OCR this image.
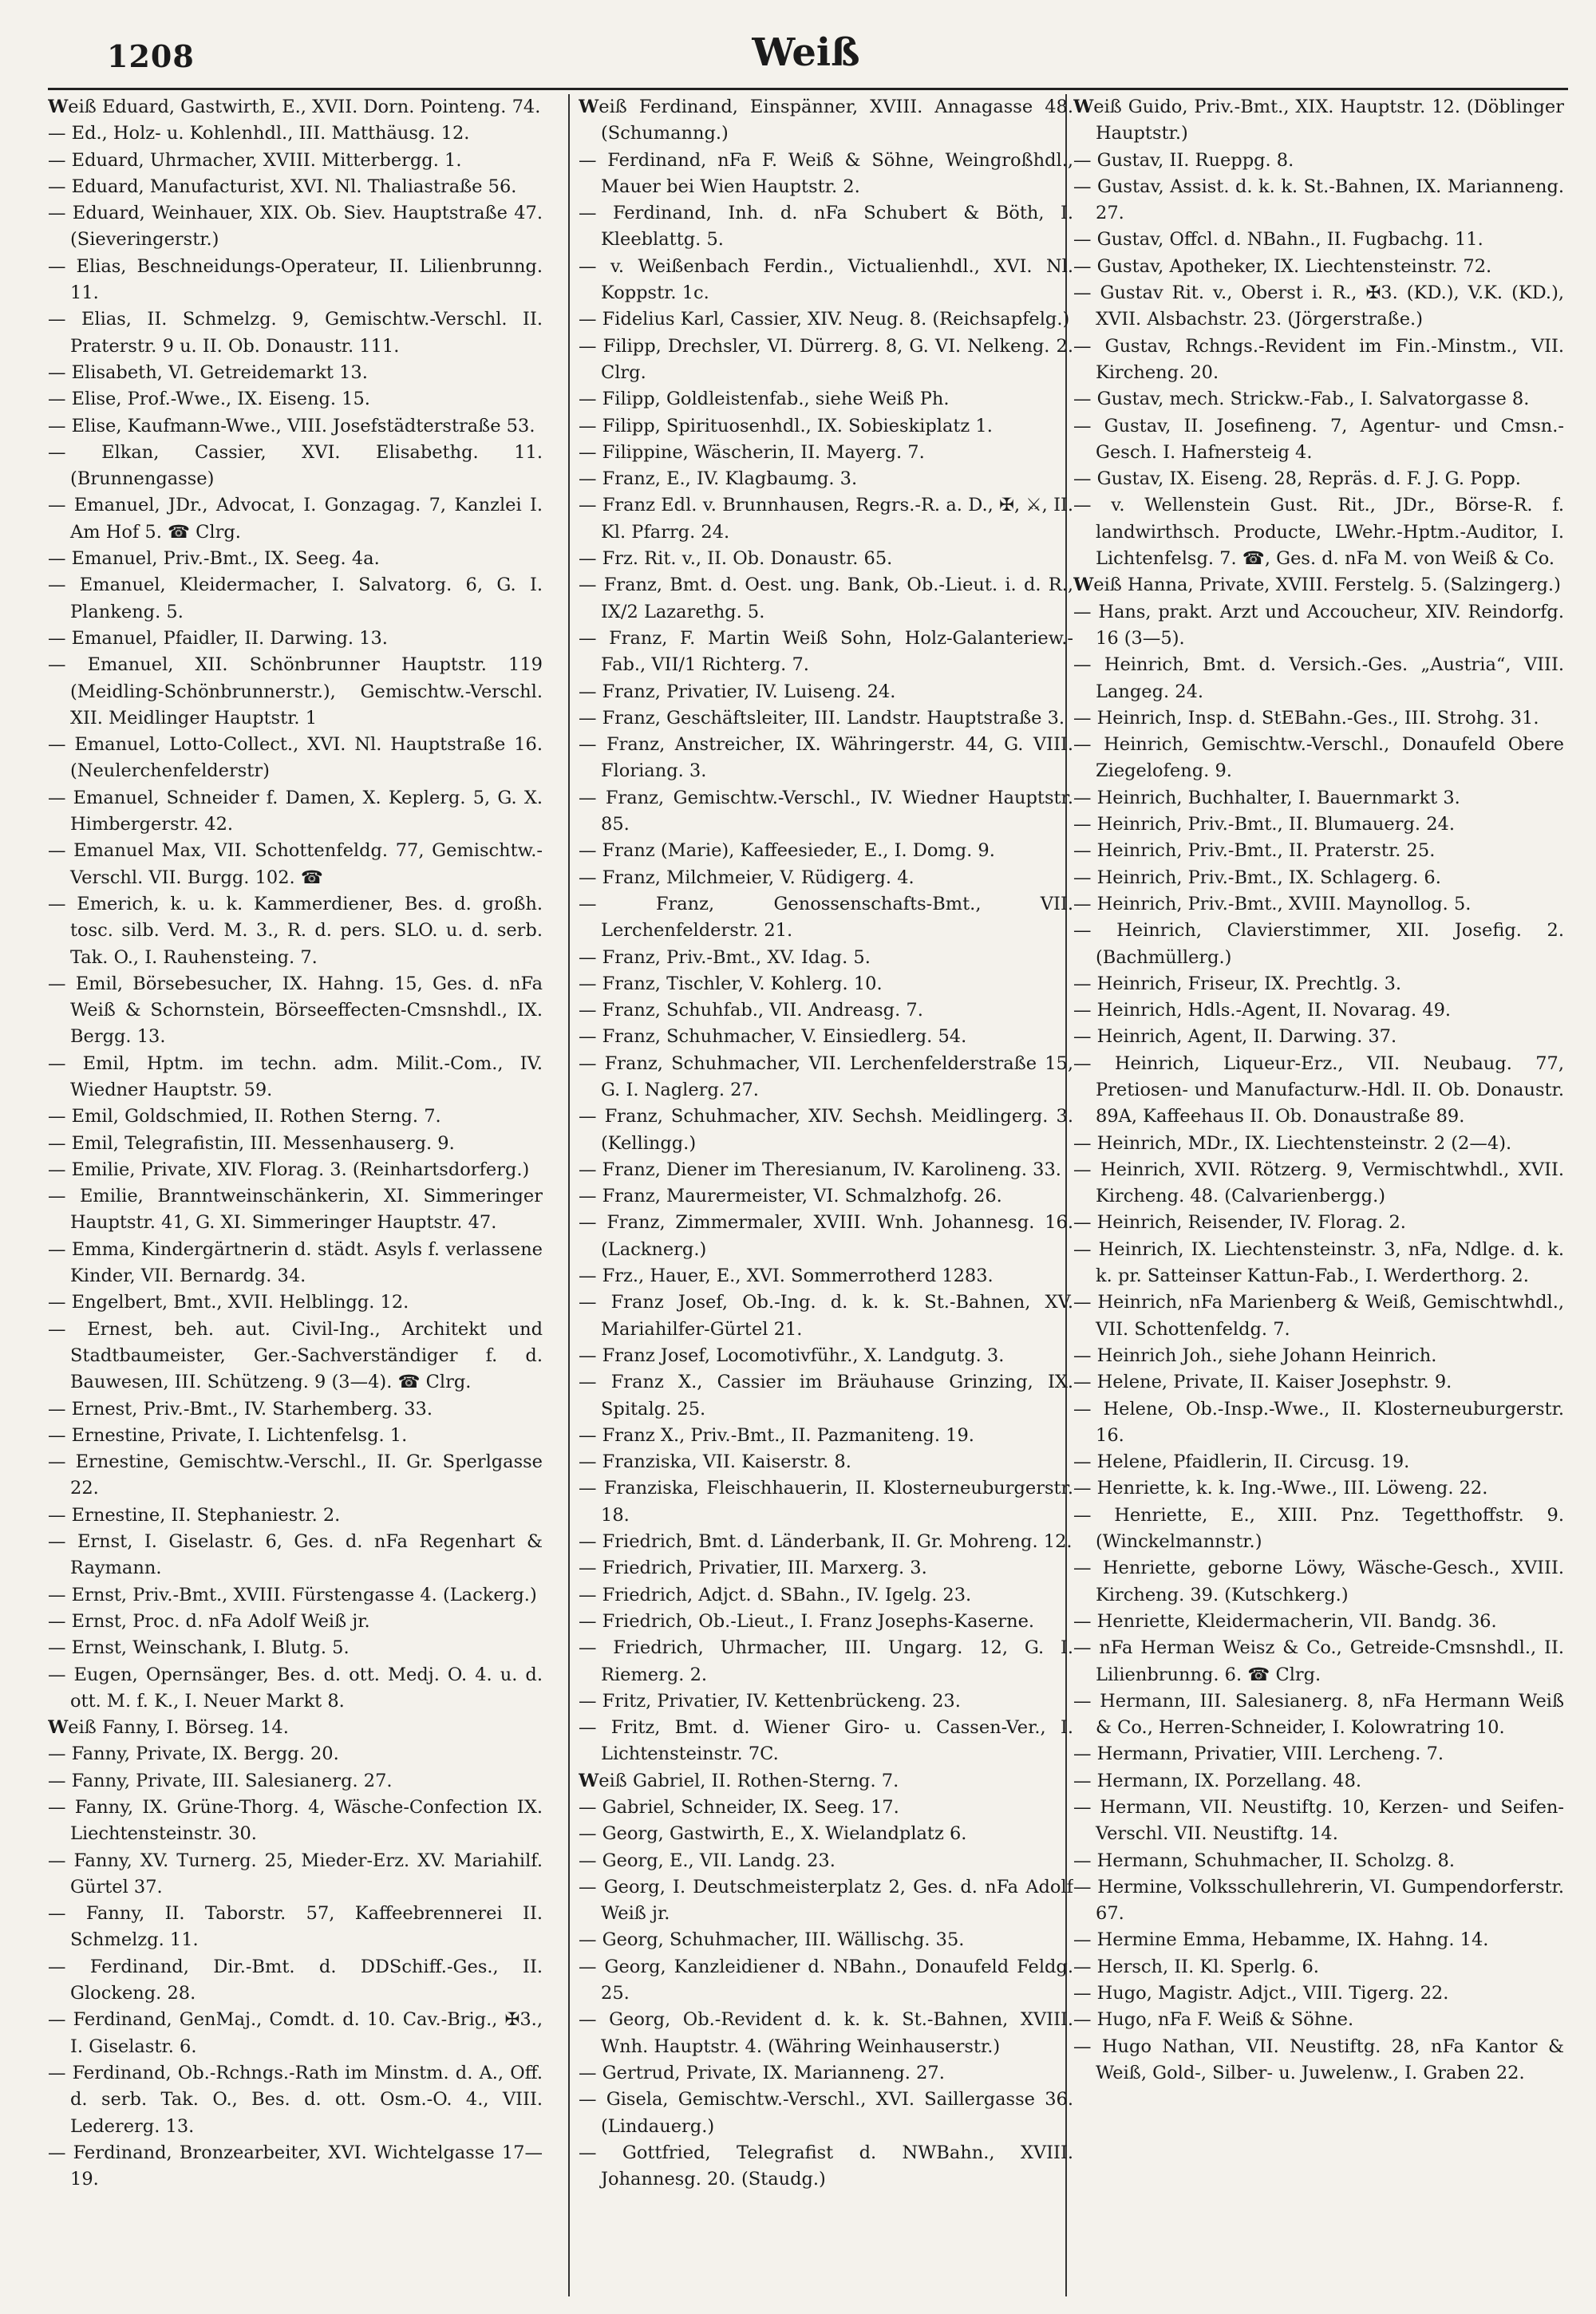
1208	Weiß
Weiß Eduard, Gastwirth, E., XVII. Dorn. Pointeng. 74.
— Ed., Holz- u. Kohlenhdl., III. Matthäusg. 12.
— Eduard, Uhrmacher, XVIII. Mitterbergg. 1.
— Eduard, Manufacturist, XVI. Nl. Thaliastraße 56.
— Eduard, Weinhauer, XIX. Ob. Siev. Hauptstraße 47. (Sieveringerstr.)
— Elias, Beschneidungs-Operateur, II. Lilienbrunng. 11.
— Elias, II. Schmelzg. 9, Gemischtw.-Verschl. II. Praterstr. 9 u. II. Ob. Donaustr. 111.
— Elisabeth, VI. Getreidemarkt 13.
— Elise, Prof.-Wwe., IX. Eiseng. 15.
— Elise, Kaufmann-Wwe., VIII. Josefstädterstraße 53.
— Elkan, Cassier, XVI. Elisabethg. 11. (Brunnengasse)
— Emanuel, JDr., Advocat, I. Gonzagag. 7, Kanzlei I. Am Hof 5. ☎ Clrg.
— Emanuel, Priv.-Bmt., IX. Seeg. 4a.
— Emanuel, Kleidermacher, I. Salvatorg. 6, G. I. Plankeng. 5.
— Emanuel, Pfaidler, II. Darwing. 13.
— Emanuel, XII. Schönbrunner Hauptstr. 119 (Meidling-Schönbrunnerstr.), Gemischtw.-Verschl. XII. Meidlinger Hauptstr. 1
— Emanuel, Lotto-Collect., XVI. Nl. Hauptstraße 16. (Neulerchenfelderstr)
— Emanuel, Schneider f. Damen, X. Keplerg. 5, G. X. Himbergerstr. 42.
— Emanuel Max, VII. Schottenfeldg. 77, Gemischtw.-Verschl. VII. Burgg. 102. ☎
— Emerich, k. u. k. Kammerdiener, Bes. d. großh. tosc. silb. Verd. M. 3., R. d. pers. SLO. u. d. serb. Tak. O., I. Rauhensteing. 7.
— Emil, Börsebesucher, IX. Hahng. 15, Ges. d. nFa Weiß & Schornstein, Börseeffecten-Cmsnshdl., IX. Bergg. 13.
— Emil, Hptm. im techn. adm. Milit.-Com., IV. Wiedner Hauptstr. 59.
— Emil, Goldschmied, II. Rothen Sterng. 7.
— Emil, Telegrafistin, III. Messenhauserg. 9.
— Emilie, Private, XIV. Florag. 3. (Reinhartsdorferg.)
— Emilie, Branntweinschänkerin, XI. Simmeringer Hauptstr. 41, G. XI. Simmeringer Hauptstr. 47.
— Emma, Kindergärtnerin d. städt. Asyls f. verlassene Kinder, VII. Bernardg. 34.
— Engelbert, Bmt., XVII. Helblingg. 12.
— Ernest, beh. aut. Civil-Ing., Architekt und Stadtbaumeister, Ger.-Sachverständiger f. d. Bauwesen, III. Schützeng. 9 (3—4). ☎ Clrg.
— Ernest, Priv.-Bmt., IV. Starhemberg. 33.
— Ernestine, Private, I. Lichtenfelsg. 1.
— Ernestine, Gemischtw.-Verschl., II. Gr. Sperlgasse 22.
— Ernestine, II. Stephaniestr. 2.
— Ernst, I. Giselastr. 6, Ges. d. nFa Regenhart & Raymann.
— Ernst, Priv.-Bmt., XVIII. Fürstengasse 4. (Lackerg.)
— Ernst, Proc. d. nFa Adolf Weiß jr.
— Ernst, Weinschank, I. Blutg. 5.
— Eugen, Opernsänger, Bes. d. ott. Medj. O. 4. u. d. ott. M. f. K., I. Neuer Markt 8.
Weiß Fanny, I. Börseg. 14.
— Fanny, Private, IX. Bergg. 20.
— Fanny, Private, III. Salesianerg. 27.
— Fanny, IX. Grüne-Thorg. 4, Wäsche-Confection IX. Liechtensteinstr. 30.
— Fanny, XV. Turnerg. 25, Mieder-Erz. XV. Mariahilf. Gürtel 37.
— Fanny, II. Taborstr. 57, Kaffeebrennerei II. Schmelzg. 11.
— Ferdinand, Dir.-Bmt. d. DDSchiff.-Ges., II. Glockeng. 28.
— Ferdinand, GenMaj., Comdt. d. 10. Cav.-Brig., ✠3., I. Giselastr. 6.
— Ferdinand, Ob.-Rchngs.-Rath im Minstm. d. A., Off. d. serb. Tak. O., Bes. d. ott. Osm.-O. 4., VIII. Ledererg. 13.
— Ferdinand, Bronzearbeiter, XVI. Wichtelgasse 17—19.
Weiß Ferdinand, Einspänner, XVIII. Annagasse 48. (Schumanng.)
— Ferdinand, nFa F. Weiß & Söhne, Weingroßhdl., Mauer bei Wien Hauptstr. 2.
— Ferdinand, Inh. d. nFa Schubert & Böth, I. Kleeblattg. 5.
— v. Weißenbach Ferdin., Victualienhdl., XVI. Nl. Koppstr. 1c.
— Fidelius Karl, Cassier, XIV. Neug. 8. (Reichsapfelg.)
— Filipp, Drechsler, VI. Dürrerg. 8, G. VI. Nelkeng. 2. Clrg.
— Filipp, Goldleistenfab., siehe Weiß Ph.
— Filipp, Spirituosenhdl., IX. Sobieskiplatz 1.
— Filippine, Wäscherin, II. Mayerg. 7.
— Franz, E., IV. Klagbaumg. 3.
— Franz Edl. v. Brunnhausen, Regrs.-R. a. D., ✠, ⚔, II. Kl. Pfarrg. 24.
— Frz. Rit. v., II. Ob. Donaustr. 65.
— Franz, Bmt. d. Oest. ung. Bank, Ob.-Lieut. i. d. R., IX/2 Lazarethg. 5.
— Franz, F. Martin Weiß Sohn, Holz-Galanteriew.-Fab., VII/1 Richterg. 7.
— Franz, Privatier, IV. Luiseng. 24.
— Franz, Geschäftsleiter, III. Landstr. Hauptstraße 3.
— Franz, Anstreicher, IX. Währingerstr. 44, G. VIII. Floriang. 3.
— Franz, Gemischtw.-Verschl., IV. Wiedner Hauptstr. 85.
— Franz (Marie), Kaffeesieder, E., I. Domg. 9.
— Franz, Milchmeier, V. Rüdigerg. 4.
— Franz, Genossenschafts-Bmt., VII. Lerchenfelderstr. 21.
— Franz, Priv.-Bmt., XV. Idag. 5.
— Franz, Tischler, V. Kohlerg. 10.
— Franz, Schuhfab., VII. Andreasg. 7.
— Franz, Schuhmacher, V. Einsiedlerg. 54.
— Franz, Schuhmacher, VII. Lerchenfelderstraße 15, G. I. Naglerg. 27.
— Franz, Schuhmacher, XIV. Sechsh. Meidlingerg. 3. (Kellingg.)
— Franz, Diener im Theresianum, IV. Karolineng. 33.
— Franz, Maurermeister, VI. Schmalzhofg. 26.
— Franz, Zimmermaler, XVIII. Wnh. Johannesg. 16. (Lacknerg.)
— Frz., Hauer, E., XVI. Sommerrotherd 1283.
— Franz Josef, Ob.-Ing. d. k. k. St.-Bahnen, XV. Mariahilfer-Gürtel 21.
— Franz Josef, Locomotivführ., X. Landgutg. 3.
— Franz X., Cassier im Bräuhause Grinzing, IX. Spitalg. 25.
— Franz X., Priv.-Bmt., II. Pazmaniteng. 19.
— Franziska, VII. Kaiserstr. 8.
— Franziska, Fleischhauerin, II. Klosterneuburgerstr. 18.
— Friedrich, Bmt. d. Länderbank, II. Gr. Mohreng. 12.
— Friedrich, Privatier, III. Marxerg. 3.
— Friedrich, Adjct. d. SBahn., IV. Igelg. 23.
— Friedrich, Ob.-Lieut., I. Franz Josephs-Kaserne.
— Friedrich, Uhrmacher, III. Ungarg. 12, G. I. Riemerg. 2.
— Fritz, Privatier, IV. Kettenbrückeng. 23.
— Fritz, Bmt. d. Wiener Giro- u. Cassen-Ver., I. Lichtensteinstr. 7C.
Weiß Gabriel, II. Rothen-Sterng. 7.
— Gabriel, Schneider, IX. Seeg. 17.
— Georg, Gastwirth, E., X. Wielandplatz 6.
— Georg, E., VII. Landg. 23.
— Georg, I. Deutschmeisterplatz 2, Ges. d. nFa Adolf Weiß jr.
— Georg, Schuhmacher, III. Wällischg. 35.
— Georg, Kanzleidiener d. NBahn., Donaufeld Feldg. 25.
— Georg, Ob.-Revident d. k. k. St.-Bahnen, XVIII. Wnh. Hauptstr. 4. (Währing Weinhauserstr.)
— Gertrud, Private, IX. Marianneng. 27.
— Gisela, Gemischtw.-Verschl., XVI. Saillergasse 36. (Lindauerg.)
— Gottfried, Telegrafist d. NWBahn., XVIII. Johannesg. 20. (Staudg.)
Weiß Guido, Priv.-Bmt., XIX. Hauptstr. 12. (Döblinger Hauptstr.)
— Gustav, II. Rueppg. 8.
— Gustav, Assist. d. k. k. St.-Bahnen, IX. Marianneng. 27.
— Gustav, Offcl. d. NBahn., II. Fugbachg. 11.
— Gustav, Apotheker, IX. Liechtensteinstr. 72.
— Gustav Rit. v., Oberst i. R., ✠3. (KD.), V.K. (KD.), XVII. Alsbachstr. 23. (Jörgerstraße.)
— Gustav, Rchngs.-Revident im Fin.-Minstm., VII. Kircheng. 20.
— Gustav, mech. Strickw.-Fab., I. Salvatorgasse 8.
— Gustav, II. Josefineng. 7, Agentur- und Cmsn.-Gesch. I. Hafnersteig 4.
— Gustav, IX. Eiseng. 28, Repräs. d. F. J. G. Popp.
— v. Wellenstein Gust. Rit., JDr., Börse-R. f. landwirthsch. Producte, LWehr.-Hptm.-Auditor, I. Lichtenfelsg. 7. ☎, Ges. d. nFa M. von Weiß & Co.
Weiß Hanna, Private, XVIII. Ferstelg. 5. (Salzingerg.)
— Hans, prakt. Arzt und Accoucheur, XIV. Reindorfg. 16 (3—5).
— Heinrich, Bmt. d. Versich.-Ges. „Austria“, VIII. Langeg. 24.
— Heinrich, Insp. d. StEBahn.-Ges., III. Strohg. 31.
— Heinrich, Gemischtw.-Verschl., Donaufeld Obere Ziegelofeng. 9.
— Heinrich, Buchhalter, I. Bauernmarkt 3.
— Heinrich, Priv.-Bmt., II. Blumauerg. 24.
— Heinrich, Priv.-Bmt., II. Praterstr. 25.
— Heinrich, Priv.-Bmt., IX. Schlagerg. 6.
— Heinrich, Priv.-Bmt., XVIII. Maynollog. 5.
— Heinrich, Clavierstimmer, XII. Josefig. 2. (Bachmüllerg.)
— Heinrich, Friseur, IX. Prechtlg. 3.
— Heinrich, Hdls.-Agent, II. Novarag. 49.
— Heinrich, Agent, II. Darwing. 37.
— Heinrich, Liqueur-Erz., VII. Neubaug. 77, Pretiosen- und Manufacturw.-Hdl. II. Ob. Donaustr. 89A, Kaffeehaus II. Ob. Donaustraße 89.
— Heinrich, MDr., IX. Liechtensteinstr. 2 (2—4).
— Heinrich, XVII. Rötzerg. 9, Vermischtwhdl., XVII. Kircheng. 48. (Calvarienbergg.)
— Heinrich, Reisender, IV. Florag. 2.
— Heinrich, IX. Liechtensteinstr. 3, nFa, Ndlge. d. k. k. pr. Satteinser Kattun-Fab., I. Werderthorg. 2.
— Heinrich, nFa Marienberg & Weiß, Gemischtwhdl., VII. Schottenfeldg. 7.
— Heinrich Joh., siehe Johann Heinrich.
— Helene, Private, II. Kaiser Josephstr. 9.
— Helene, Ob.-Insp.-Wwe., II. Klosterneuburgerstr. 16.
— Helene, Pfaidlerin, II. Circusg. 19.
— Henriette, k. k. Ing.-Wwe., III. Löweng. 22.
— Henriette, E., XIII. Pnz. Tegetthoffstr. 9. (Winckelmannstr.)
— Henriette, geborne Löwy, Wäsche-Gesch., XVIII. Kircheng. 39. (Kutschkerg.)
— Henriette, Kleidermacherin, VII. Bandg. 36.
— nFa Herman Weisz & Co., Getreide-Cmsnshdl., II. Lilienbrunng. 6. ☎ Clrg.
— Hermann, III. Salesianerg. 8, nFa Hermann Weiß & Co., Herren-Schneider, I. Kolowratring 10.
— Hermann, Privatier, VIII. Lercheng. 7.
— Hermann, IX. Porzellang. 48.
— Hermann, VII. Neustiftg. 10, Kerzen- und Seifen-Verschl. VII. Neustiftg. 14.
— Hermann, Schuhmacher, II. Scholzg. 8.
— Hermine, Volksschullehrerin, VI. Gumpendorferstr. 67.
— Hermine Emma, Hebamme, IX. Hahng. 14.
— Hersch, II. Kl. Sperlg. 6.
— Hugo, Magistr. Adjct., VIII. Tigerg. 22.
— Hugo, nFa F. Weiß & Söhne.
— Hugo Nathan, VII. Neustiftg. 28, nFa Kantor & Weiß, Gold-, Silber- u. Juwelenw., I. Graben 22.
